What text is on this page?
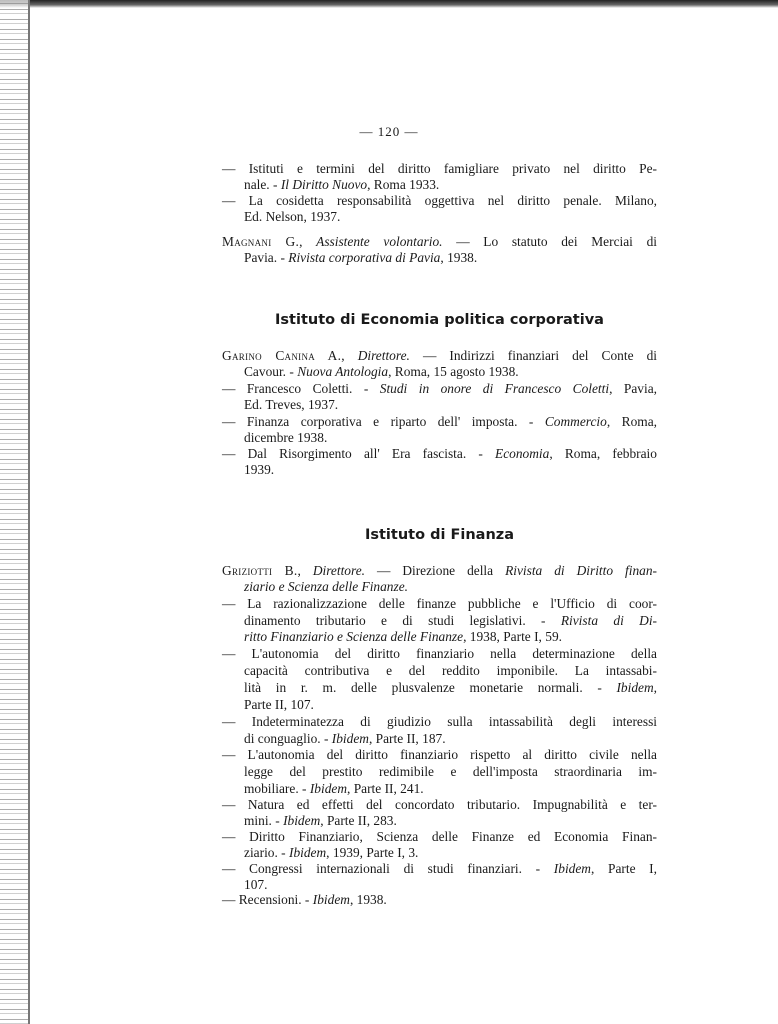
— 120 —
— Istituti e termini del diritto famigliare privato nel diritto Pe-
nale. - Il Diritto Nuovo, Roma 1933.
— La cosidetta responsabilità oggettiva nel diritto penale. Milano,
Ed. Nelson, 1937.
Magnani G., Assistente volontario. — Lo statuto dei Merciai di
Pavia. - Rivista corporativa di Pavia, 1938.
Istituto di Economia politica corporativa
Garino Canina A., Direttore. — Indirizzi finanziari del Conte di
Cavour. - Nuova Antologia, Roma, 15 agosto 1938.
— Francesco Coletti. - Studi in onore di Francesco Coletti, Pavia,
Ed. Treves, 1937.
— Finanza corporativa e riparto dell' imposta. - Commercio, Roma,
dicembre 1938.
— Dal Risorgimento all' Era fascista. - Economia, Roma, febbraio
1939.
Istituto di Finanza
Griziotti B., Direttore. — Direzione della Rivista di Diritto finan-
ziario e Scienza delle Finanze.
— La razionalizzazione delle finanze pubbliche e l'Ufficio di coor-
dinamento tributario e di studi legislativi. - Rivista di Di-
ritto Finanziario e Scienza delle Finanze, 1938, Parte I, 59.
— L'autonomia del diritto finanziario nella determinazione della
capacità contributiva e del reddito imponibile. La intassabi-
lità in r. m. delle plusvalenze monetarie normali. - Ibidem,
Parte II, 107.
— Indeterminatezza di giudizio sulla intassabilità degli interessi
di conguaglio. - Ibidem, Parte II, 187.
— L'autonomia del diritto finanziario rispetto al diritto civile nella
legge del prestito redimibile e dell'imposta straordinaria im-
mobiliare. - Ibidem, Parte II, 241.
— Natura ed effetti del concordato tributario. Impugnabilità e ter-
mini. - Ibidem, Parte II, 283.
— Diritto Finanziario, Scienza delle Finanze ed Economia Finan-
ziario. - Ibidem, 1939, Parte I, 3.
— Congressi internazionali di studi finanziari. - Ibidem, Parte I,
107.
— Recensioni. - Ibidem, 1938.
